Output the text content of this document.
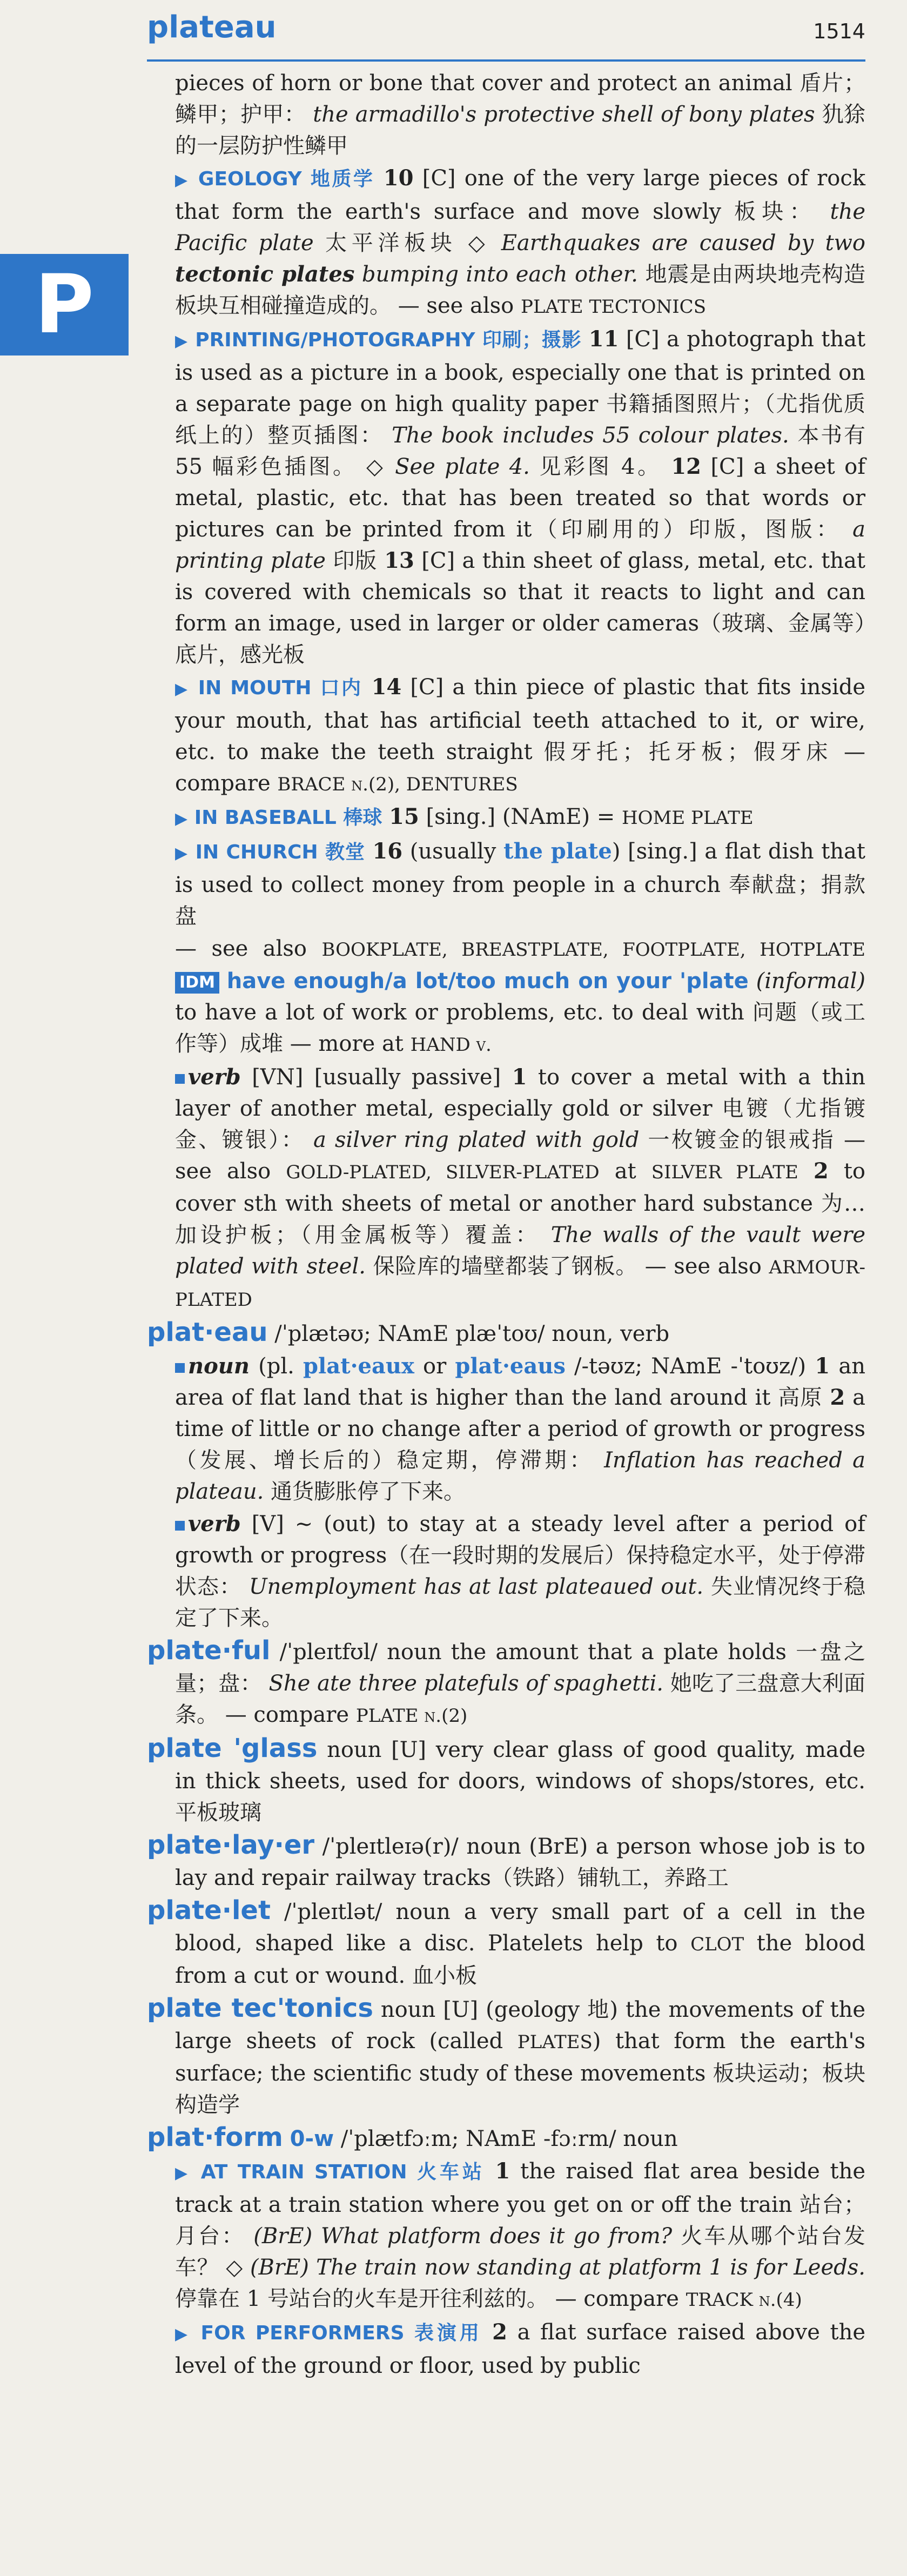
plateau	1514
P

pieces of horn or bone that cover and protect an animal 盾片；鳞甲；护甲： the armadillo's protective shell of bony plates 犰狳的一层防护性鳞甲

▶ GEOLOGY 地质学 10 [C] one of the very large pieces of rock that form the earth's surface and move slowly 板块： the Pacific plate 太平洋板块 ◇ Earthquakes are caused by two tectonic plates bumping into each other. 地震是由两块地壳构造板块互相碰撞造成的。 — see also PLATE TECTONICS

▶ PRINTING/PHOTOGRAPHY 印刷；摄影 11 [C] a photograph that is used as a picture in a book, especially one that is printed on a separate page on high quality paper 书籍插图照片；（尤指优质纸上的）整页插图： The book includes 55 colour plates. 本书有 55 幅彩色插图。 ◇ See plate 4. 见彩图 4。 12 [C] a sheet of metal, plastic, etc. that has been treated so that words or pictures can be printed from it（印刷用的）印版，图版： a printing plate 印版 13 [C] a thin sheet of glass, metal, etc. that is covered with chemicals so that it reacts to light and can form an image, used in larger or older cameras（玻璃、金属等）底片，感光板

▶ IN MOUTH 口内 14 [C] a thin piece of plastic that fits inside your mouth, that has artificial teeth attached to it, or wire, etc. to make the teeth straight 假牙托；托牙板；假牙床 — compare BRACE n.(2), DENTURES

▶ IN BASEBALL 棒球 15 [sing.] (NAmE) = HOME PLATE

▶ IN CHURCH 教堂 16 (usually the plate) [sing.] a flat dish that is used to collect money from people in a church 奉献盘；捐款盘

— see also BOOKPLATE, BREASTPLATE, FOOTPLATE, HOTPLATE IDM have enough/a lot/too much on your 'plate (informal) to have a lot of work or problems, etc. to deal with 问题（或工作等）成堆 — more at HAND v.

verb [VN] [usually passive] 1 to cover a metal with a thin layer of another metal, especially gold or silver 电镀（尤指镀金、镀银）： a silver ring plated with gold 一枚镀金的银戒指 — see also GOLD-PLATED, SILVER-PLATED at SILVER PLATE 2 to cover sth with sheets of metal or another hard substance 为…加设护板；（用金属板等）覆盖： The walls of the vault were plated with steel. 保险库的墙壁都装了钢板。 — see also ARMOUR-PLATED

plat·eau /ˈplætəʊ; NAmE plæˈtoʊ/ noun, verb

noun (pl. plat·eaux or plat·eaus /-təʊz; NAmE -ˈtoʊz/) 1 an area of flat land that is higher than the land around it 高原 2 a time of little or no change after a period of growth or progress（发展、增长后的）稳定期，停滞期： Inflation has reached a plateau. 通货膨胀停了下来。

verb [V] ~ (out) to stay at a steady level after a period of growth or progress（在一段时期的发展后）保持稳定水平，处于停滞状态： Unemployment has at last plateaued out. 失业情况终于稳定了下来。

plate·ful /ˈpleɪtfʊl/ noun the amount that a plate holds 一盘之量；盘： She ate three platefuls of spaghetti. 她吃了三盘意大利面条。 — compare PLATE n.(2)

plate 'glass noun [U] very clear glass of good quality, made in thick sheets, used for doors, windows of shops/stores, etc. 平板玻璃

plate·lay·er /ˈpleɪtleɪə(r)/ noun (BrE) a person whose job is to lay and repair railway tracks（铁路）铺轨工，养路工

plate·let /ˈpleɪtlət/ noun a very small part of a cell in the blood, shaped like a disc. Platelets help to CLOT the blood from a cut or wound. 血小板

plate tec'tonics noun [U] (geology 地) the movements of the large sheets of rock (called PLATES) that form the earth's surface; the scientific study of these movements 板块运动；板块构造学

plat·form 0-w /ˈplætfɔːm; NAmE -fɔːrm/ noun

▶ AT TRAIN STATION 火车站 1 the raised flat area beside the track at a train station where you get on or off the train 站台；月台： (BrE) What platform does it go from? 火车从哪个站台发车？ ◇ (BrE) The train now standing at platform 1 is for Leeds. 停靠在 1 号站台的火车是开往利兹的。 — compare TRACK n.(4)

▶ FOR PERFORMERS 表演用 2 a flat surface raised above the level of the ground or floor, used by public
